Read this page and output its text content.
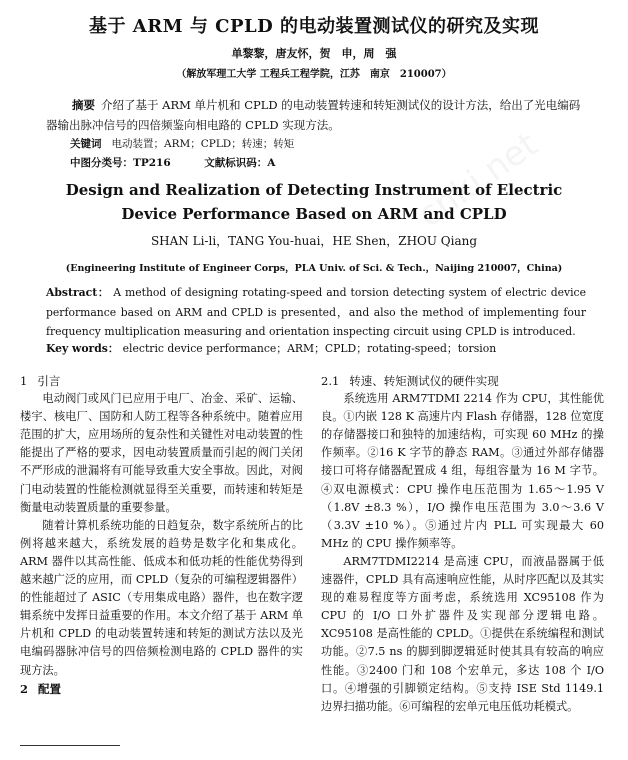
基于 ARM 与 CPLD 的电动装置测试仪的研究及实现
单黎黎，唐友怀，贺　申，周　强
（解放军理工大学 工程兵工程学院，江苏　南京　210007）
摘要 介绍了基于 ARM 单片机和 CPLD 的电动装置转速和转矩测试仪的设计方法，给出了光电编码器输出脉冲信号的四倍频鉴向相电路的 CPLD 实现方法。
关键词 电动装置；ARM；CPLD；转速；转矩
中图分类号：TP216	文献标识码：A
Design and Realization of Detecting Instrument of Electric
Device Performance Based on ARM and CPLD
SHAN Li-li，TANG You-huai，HE Shen，ZHOU Qiang
(Engineering Institute of Engineer Corps，PLA Univ. of Sci. & Tech.，Naijing 210007，China)
Abstract： A method of designing rotating-speed and torsion detecting system of electric device performance based on ARM and CPLD is presented，and also the method of implementing four frequency multiplication measuring and orientation inspecting circuit using CPLD is introduced.
Key words： electric device performance；ARM；CPLD；rotating-speed；torsion

1 引言

电动阀门或风门已应用于电厂、冶金、采矿、运输、楼宇、核电厂、国防和人防工程等各种系统中。随着应用范围的扩大，应用场所的复杂性和关键性对电动装置的性能提出了严格的要求，因电动装置质量而引起的阀门关闭不严形成的泄漏将有可能导致重大安全事故。因此，对阀门电动装置的性能检测就显得至关重要，而转速和转矩是衡量电动装置质量的重要参量。

随着计算机系统功能的日趋复杂，数字系统所占的比例将越来越大，系统发展的趋势是数字化和集成化。ARM 器件以其高性能、低成本和低功耗的性能优势得到越来越广泛的应用，而 CPLD（复杂的可编程逻辑器件）的性能超过了 ASIC（专用集成电路）器件，也在数字逻辑系统中发挥日益重要的作用。本文介绍了基于 ARM 单片机和 CPLD 的电动装置转速和转矩的测试方法以及光电编码器脉冲信号的四倍频检测电路的 CPLD 器件的实现方法。

2 配置

2.1 转速、转矩测试仪的硬件实现

系统选用 ARM7TDMI 2214 作为 CPU，其性能优良。①内嵌 128 K 高速片内 Flash 存储器，128 位宽度的存储器接口和独特的加速结构，可实现 60 MHz 的操作频率。②16 K 字节的静态 RAM。③通过外部存储器接口可将存储器配置成 4 组，每组容量为 16 M 字节。④双电源模式：CPU 操作电压范围为 1.65～1.95 V（1.8V ±8.3 %），I/O 操作电压范围为 3.0～3.6 V（3.3V ±10 %）。⑤通过片内 PLL 可实现最大 60 MHz 的 CPU 操作频率等。

ARM7TDMI2214 是高速 CPU，而液晶器属于低速器件，CPLD 具有高速响应性能，从时序匹配以及其实现的难易程度等方面考虑，系统选用 XC95108 作为 CPU 的 I/O 口外扩器件及实现部分逻辑电路。XC95108 是高性能的 CPLD。①提供在系统编程和测试功能。②7.5 ns 的脚到脚逻辑延时使其具有较高的响应性能。③2400 门和 108 个宏单元，多达 108 个 I/O 口。④增强的引脚锁定结构。⑤支持 ISE Std 1149.1 边界扫描功能。⑥可编程的宏单元电压低功耗模式。
